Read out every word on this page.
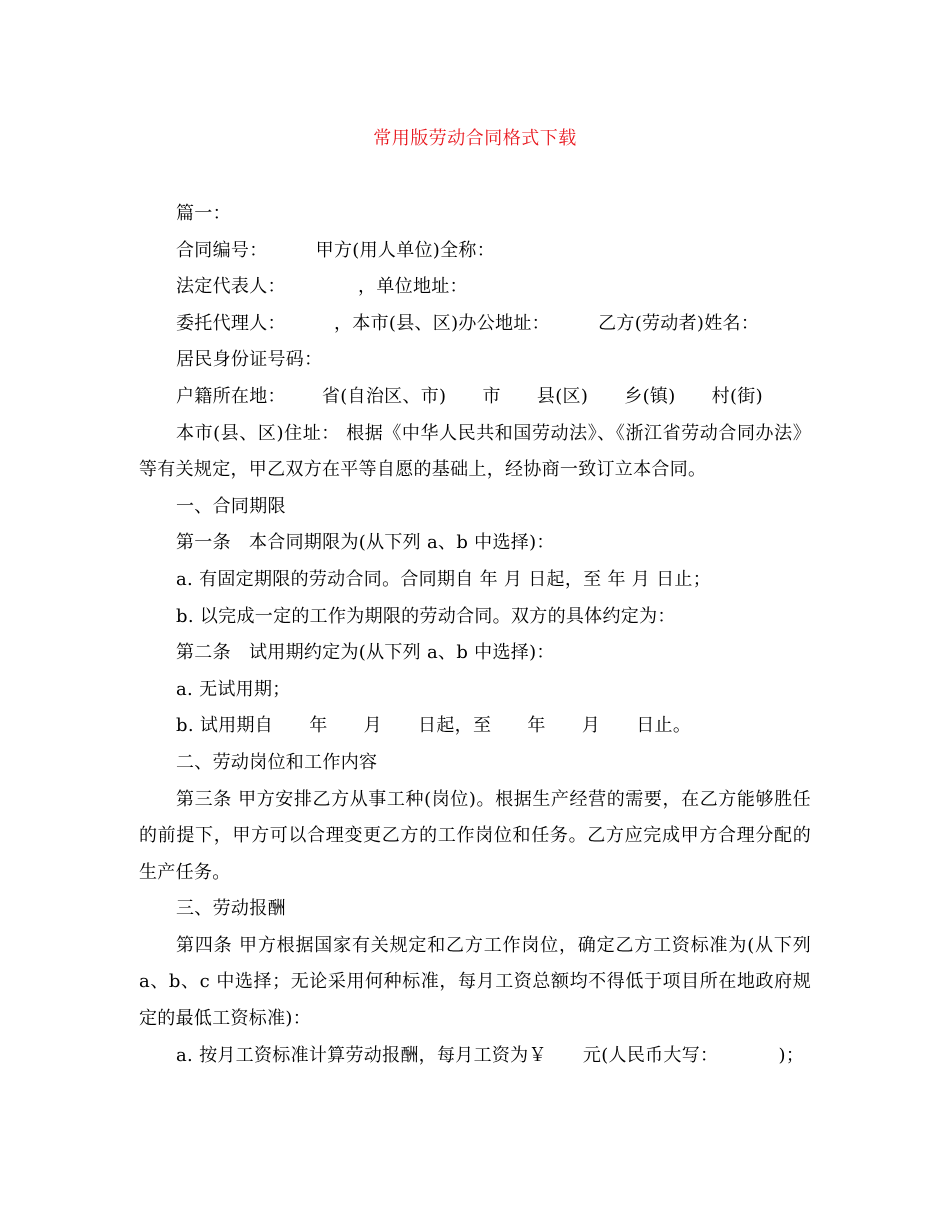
常用版劳动合同格式下载
篇一：
合同编号：        甲方(用人单位)全称：
法定代表人：            ，单位地址：
委托代理人：        ，本市(县、区)办公地址：        乙方(劳动者)姓名：
居民身份证号码：
户籍所在地：      省(自治区、市)      市      县(区)      乡(镇)      村(街)
本市(县、区)住址： 根据《中华人民共和国劳动法》、《浙江省劳动合同办法》等有关规定，甲乙双方在平等自愿的基础上，经协商一致订立本合同。
一、合同期限
第一条   本合同期限为(从下列 a、b 中选择)：
a. 有固定期限的劳动合同。合同期自 年 月 日起，至 年 月 日止；
b. 以完成一定的工作为期限的劳动合同。双方的具体约定为：
第二条   试用期约定为(从下列 a、b 中选择)：
a. 无试用期；
b. 试用期自      年      月      日起，至      年      月      日止。
二、劳动岗位和工作内容
第三条 甲方安排乙方从事工种(岗位)。根据生产经营的需要，在乙方能够胜任的前提下，甲方可以合理变更乙方的工作岗位和任务。乙方应完成甲方合理分配的生产任务。
三、劳动报酬
第四条 甲方根据国家有关规定和乙方工作岗位，确定乙方工资标准为(从下列 a、b、c 中选择；无论采用何种标准，每月工资总额均不得低于项目所在地政府规定的最低工资标准)：
a. 按月工资标准计算劳动报酬，每月工资为￥      元(人民币大写：          )；
